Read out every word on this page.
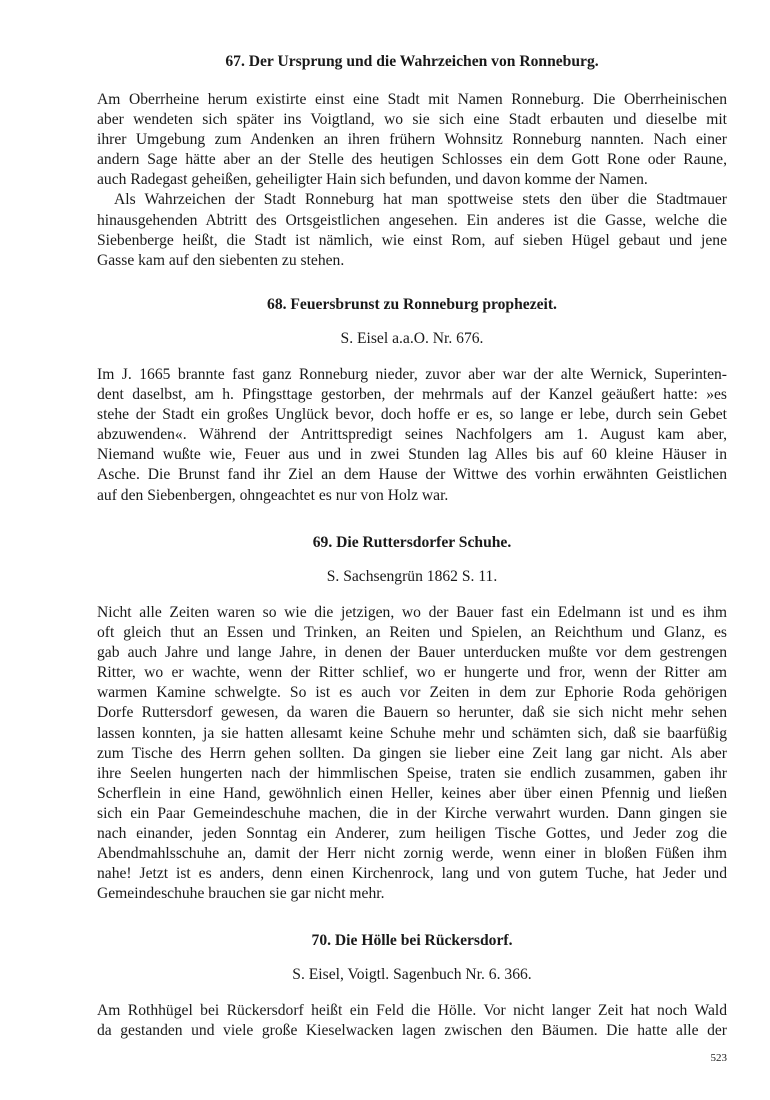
67. Der Ursprung und die Wahrzeichen von Ronneburg.

Am Oberrheine herum existirte einst eine Stadt mit Namen Ronneburg. Die Oberrheinischen
aber wendeten sich später ins Voigtland, wo sie sich eine Stadt erbauten und dieselbe mit
ihrer Umgebung zum Andenken an ihren frühern Wohnsitz Ronneburg nannten. Nach einer
andern Sage hätte aber an der Stelle des heutigen Schlosses ein dem Gott Rone oder Raune,
auch Radegast geheißen, geheiligter Hain sich befunden, und davon komme der Namen.
Als Wahrzeichen der Stadt Ronneburg hat man spottweise stets den über die Stadtmauer
hinausgehenden Abtritt des Ortsgeistlichen angesehen. Ein anderes ist die Gasse, welche die
Siebenberge heißt, die Stadt ist nämlich, wie einst Rom, auf sieben Hügel gebaut und jene
Gasse kam auf den siebenten zu stehen.

68. Feuersbrunst zu Ronneburg prophezeit.

S. Eisel a.a.O. Nr. 676.

Im J. 1665 brannte fast ganz Ronneburg nieder, zuvor aber war der alte Wernick, Superinten-
dent daselbst, am h. Pfingsttage gestorben, der mehrmals auf der Kanzel geäußert hatte: »es
stehe der Stadt ein großes Unglück bevor, doch hoffe er es, so lange er lebe, durch sein Gebet
abzuwenden«. Während der Antrittspredigt seines Nachfolgers am 1. August kam aber,
Niemand wußte wie, Feuer aus und in zwei Stunden lag Alles bis auf 60 kleine Häuser in
Asche. Die Brunst fand ihr Ziel an dem Hause der Wittwe des vorhin erwähnten Geistlichen
auf den Siebenbergen, ohngeachtet es nur von Holz war.

69. Die Ruttersdorfer Schuhe.

S. Sachsengrün 1862 S. 11.

Nicht alle Zeiten waren so wie die jetzigen, wo der Bauer fast ein Edelmann ist und es ihm
oft gleich thut an Essen und Trinken, an Reiten und Spielen, an Reichthum und Glanz, es
gab auch Jahre und lange Jahre, in denen der Bauer unterducken mußte vor dem gestrengen
Ritter, wo er wachte, wenn der Ritter schlief, wo er hungerte und fror, wenn der Ritter am
warmen Kamine schwelgte. So ist es auch vor Zeiten in dem zur Ephorie Roda gehörigen
Dorfe Ruttersdorf gewesen, da waren die Bauern so herunter, daß sie sich nicht mehr sehen
lassen konnten, ja sie hatten allesamt keine Schuhe mehr und schämten sich, daß sie baarfüßig
zum Tische des Herrn gehen sollten. Da gingen sie lieber eine Zeit lang gar nicht. Als aber
ihre Seelen hungerten nach der himmlischen Speise, traten sie endlich zusammen, gaben ihr
Scherflein in eine Hand, gewöhnlich einen Heller, keines aber über einen Pfennig und ließen
sich ein Paar Gemeindeschuhe machen, die in der Kirche verwahrt wurden. Dann gingen sie
nach einander, jeden Sonntag ein Anderer, zum heiligen Tische Gottes, und Jeder zog die
Abendmahlsschuhe an, damit der Herr nicht zornig werde, wenn einer in bloßen Füßen ihm
nahe! Jetzt ist es anders, denn einen Kirchenrock, lang und von gutem Tuche, hat Jeder und
Gemeindeschuhe brauchen sie gar nicht mehr.

70. Die Hölle bei Rückersdorf.

S. Eisel, Voigtl. Sagenbuch Nr. 6. 366.

Am Rothhügel bei Rückersdorf heißt ein Feld die Hölle. Vor nicht langer Zeit hat noch Wald
da gestanden und viele große Kieselwacken lagen zwischen den Bäumen. Die hatte alle der
523
